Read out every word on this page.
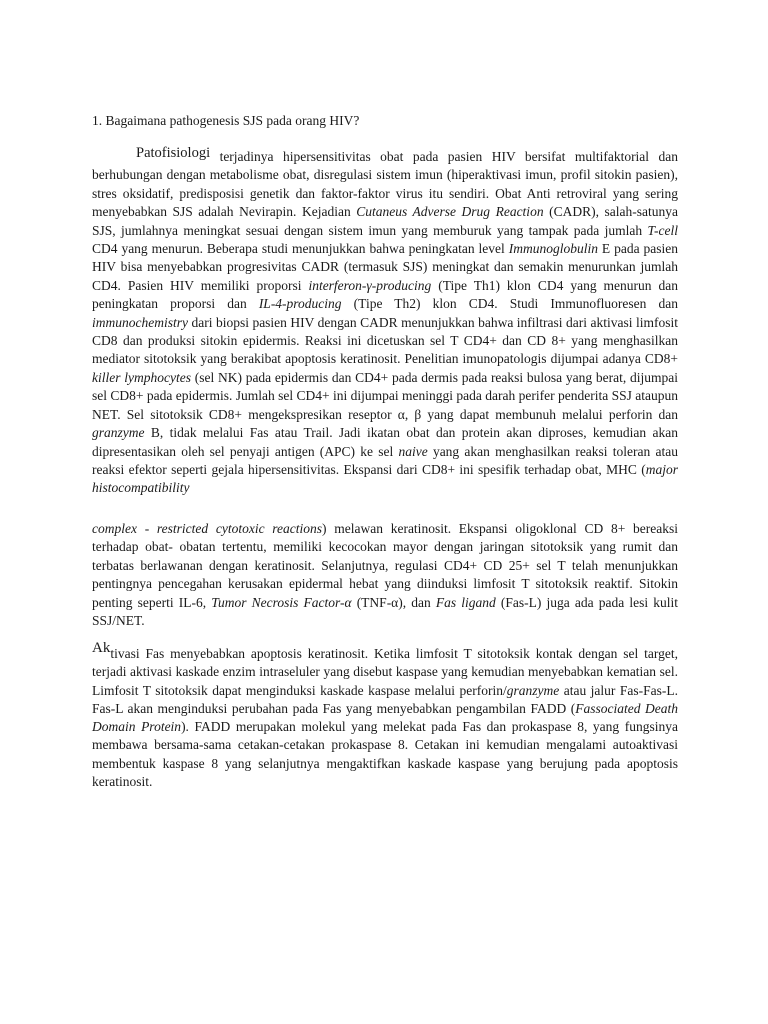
1. Bagaimana pathogenesis SJS pada orang HIV?
Patofisiologi terjadinya hipersensitivitas obat pada pasien HIV bersifat multifaktorial dan berhubungan dengan metabolisme obat, disregulasi sistem imun (hiperaktivasi imun, profil sitokin pasien), stres oksidatif, predisposisi genetik dan faktor-faktor virus itu sendiri. Obat Anti retroviral yang sering menyebabkan SJS adalah Nevirapin. Kejadian Cutaneus Adverse Drug Reaction (CADR), salah-satunya SJS, jumlahnya meningkat sesuai dengan sistem imun yang memburuk yang tampak pada jumlah T-cell CD4 yang menurun. Beberapa studi menunjukkan bahwa peningkatan level Immunoglobulin E pada pasien HIV bisa menyebabkan progresivitas CADR (termasuk SJS) meningkat dan semakin menurunkan jumlah CD4. Pasien HIV memiliki proporsi interferon-γ-producing (Tipe Th1) klon CD4 yang menurun dan peningkatan proporsi dan IL-4-producing (Tipe Th2) klon CD4. Studi Immunofluoresen dan immunochemistry dari biopsi pasien HIV dengan CADR menunjukkan bahwa infiltrasi dari aktivasi limfosit CD8 dan produksi sitokin epidermis. Reaksi ini dicetuskan sel T CD4+ dan CD 8+ yang menghasilkan mediator sitotoksik yang berakibat apoptosis keratinosit. Penelitian imunopatologis dijumpai adanya CD8+ killer lymphocytes (sel NK) pada epidermis dan CD4+ pada dermis pada reaksi bulosa yang berat, dijumpai sel CD8+ pada epidermis. Jumlah sel CD4+ ini dijumpai meninggi pada darah perifer penderita SSJ ataupun NET. Sel sitotoksik CD8+ mengekspresikan reseptor α, β yang dapat membunuh melalui perforin dan granzyme B, tidak melalui Fas atau Trail. Jadi ikatan obat dan protein akan diproses, kemudian akan dipresentasikan oleh sel penyaji antigen (APC) ke sel naive yang akan menghasilkan reaksi toleran atau reaksi efektor seperti gejala hipersensitivitas. Ekspansi dari CD8+ ini spesifik terhadap obat, MHC (major histocompatibility
complex - restricted cytotoxic reactions) melawan keratinosit. Ekspansi oligoklonal CD 8+ bereaksi terhadap obat- obatan tertentu, memiliki kecocokan mayor dengan jaringan sitotoksik yang rumit dan terbatas berlawanan dengan keratinosit. Selanjutnya, regulasi CD4+ CD 25+ sel T telah menunjukkan pentingnya pencegahan kerusakan epidermal hebat yang diinduksi limfosit T sitotoksik reaktif. Sitokin penting seperti IL-6, Tumor Necrosis Factor-α (TNF-α), dan Fas ligand (Fas-L) juga ada pada lesi kulit SSJ/NET.
Aktivasi Fas menyebabkan apoptosis keratinosit. Ketika limfosit T sitotoksik kontak dengan sel target, terjadi aktivasi kaskade enzim intraseluler yang disebut kaspase yang kemudian menyebabkan kematian sel. Limfosit T sitotoksik dapat menginduksi kaskade kaspase melalui perforin/granzyme atau jalur Fas-Fas-L. Fas-L akan menginduksi perubahan pada Fas yang menyebabkan pengambilan FADD (Fassociated Death Domain Protein). FADD merupakan molekul yang melekat pada Fas dan prokaspase 8, yang fungsinya membawa bersama-sama cetakan-cetakan prokaspase 8. Cetakan ini kemudian mengalami autoaktivasi membentuk kaspase 8 yang selanjutnya mengaktifkan kaskade kaspase yang berujung pada apoptosis keratinosit.
